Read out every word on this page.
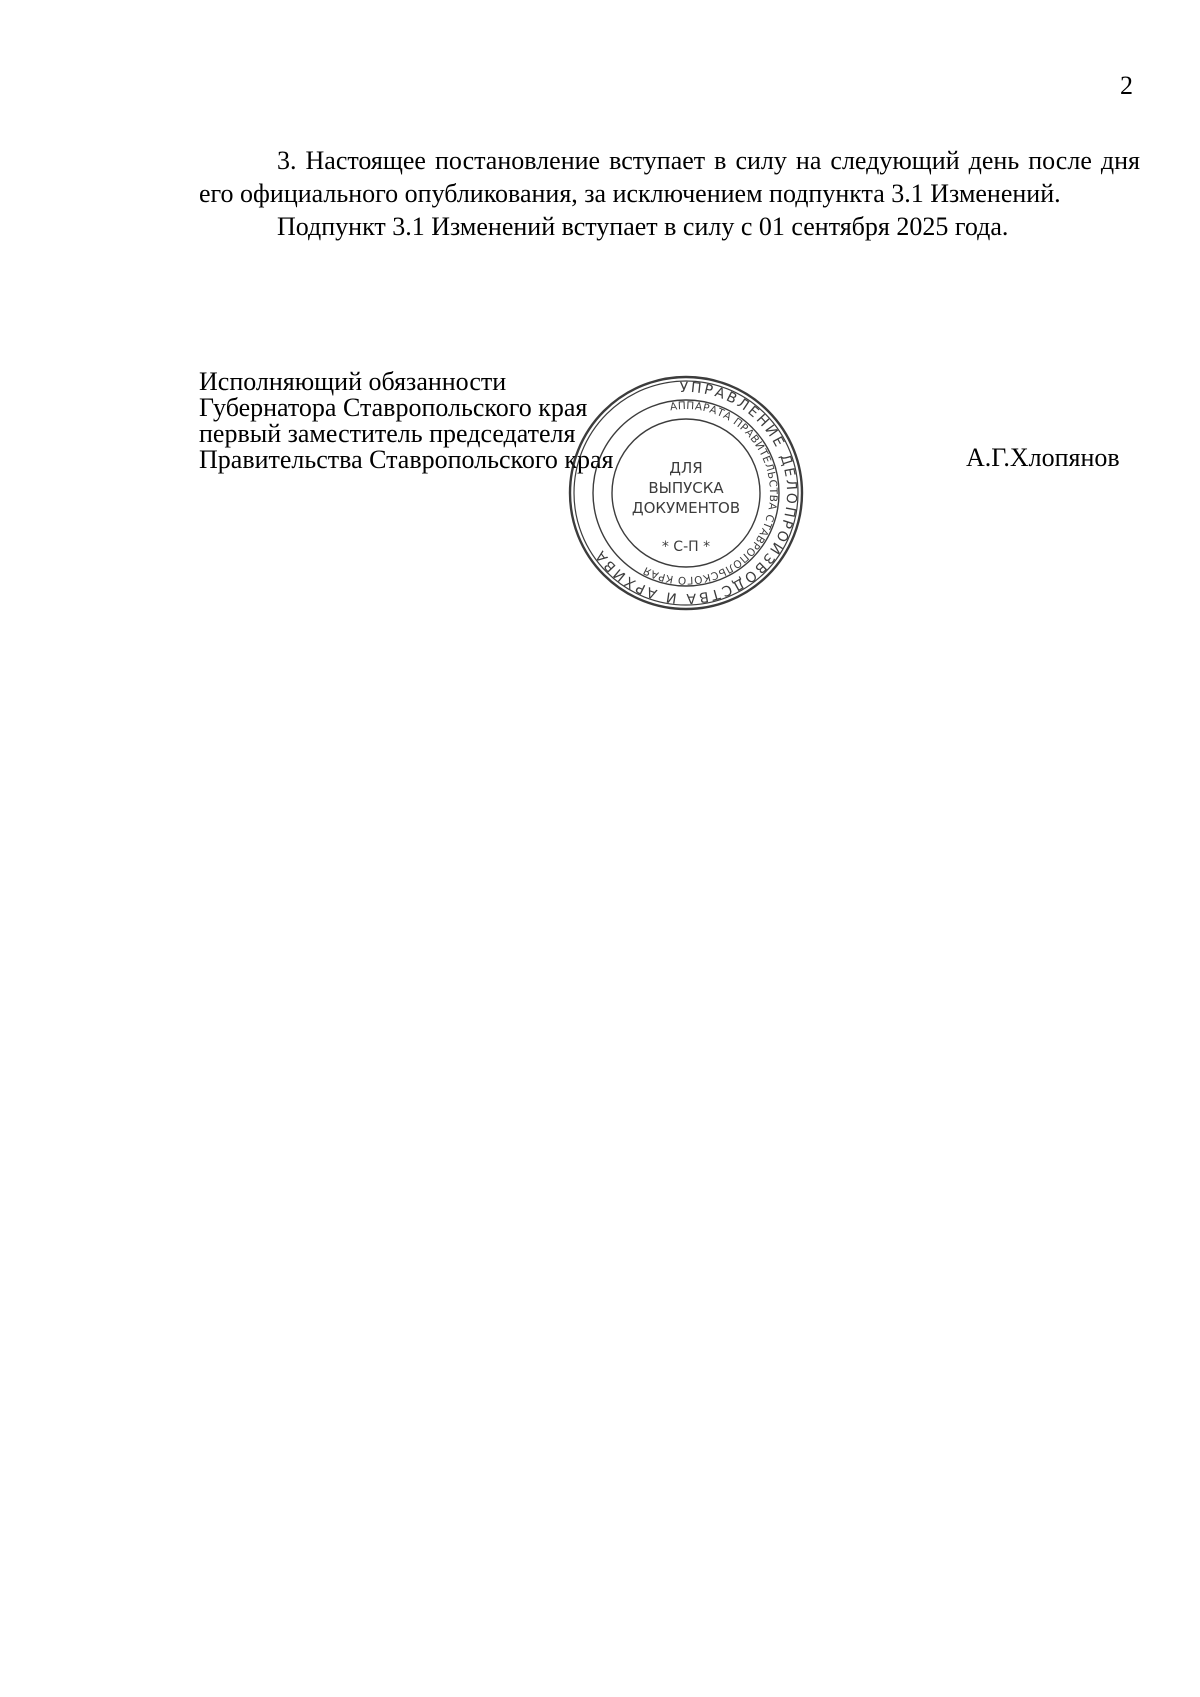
2

3. Настоящее постановление вступает в силу на следующий день после дня его официального опубликования, за исключением подпункта 3.1 Изменений.

Подпункт 3.1 Изменений вступает в силу с 01 сентября 2025 года.

Исполняющий обязанности
Губернатора Ставропольского края
первый заместитель председателя
Правительства Ставропольского края	А.Г.Хлопянов
УПРАВЛЕНИЕ ДЕЛОПРОИЗВОДСТВА И АРХИВА
АППАРАТА ПРАВИТЕЛЬСТВА СТАВРОПОЛЬСКОГО КРАЯ
ДЛЯ
ВЫПУСКА
ДОКУМЕНТОВ
* С-П *
